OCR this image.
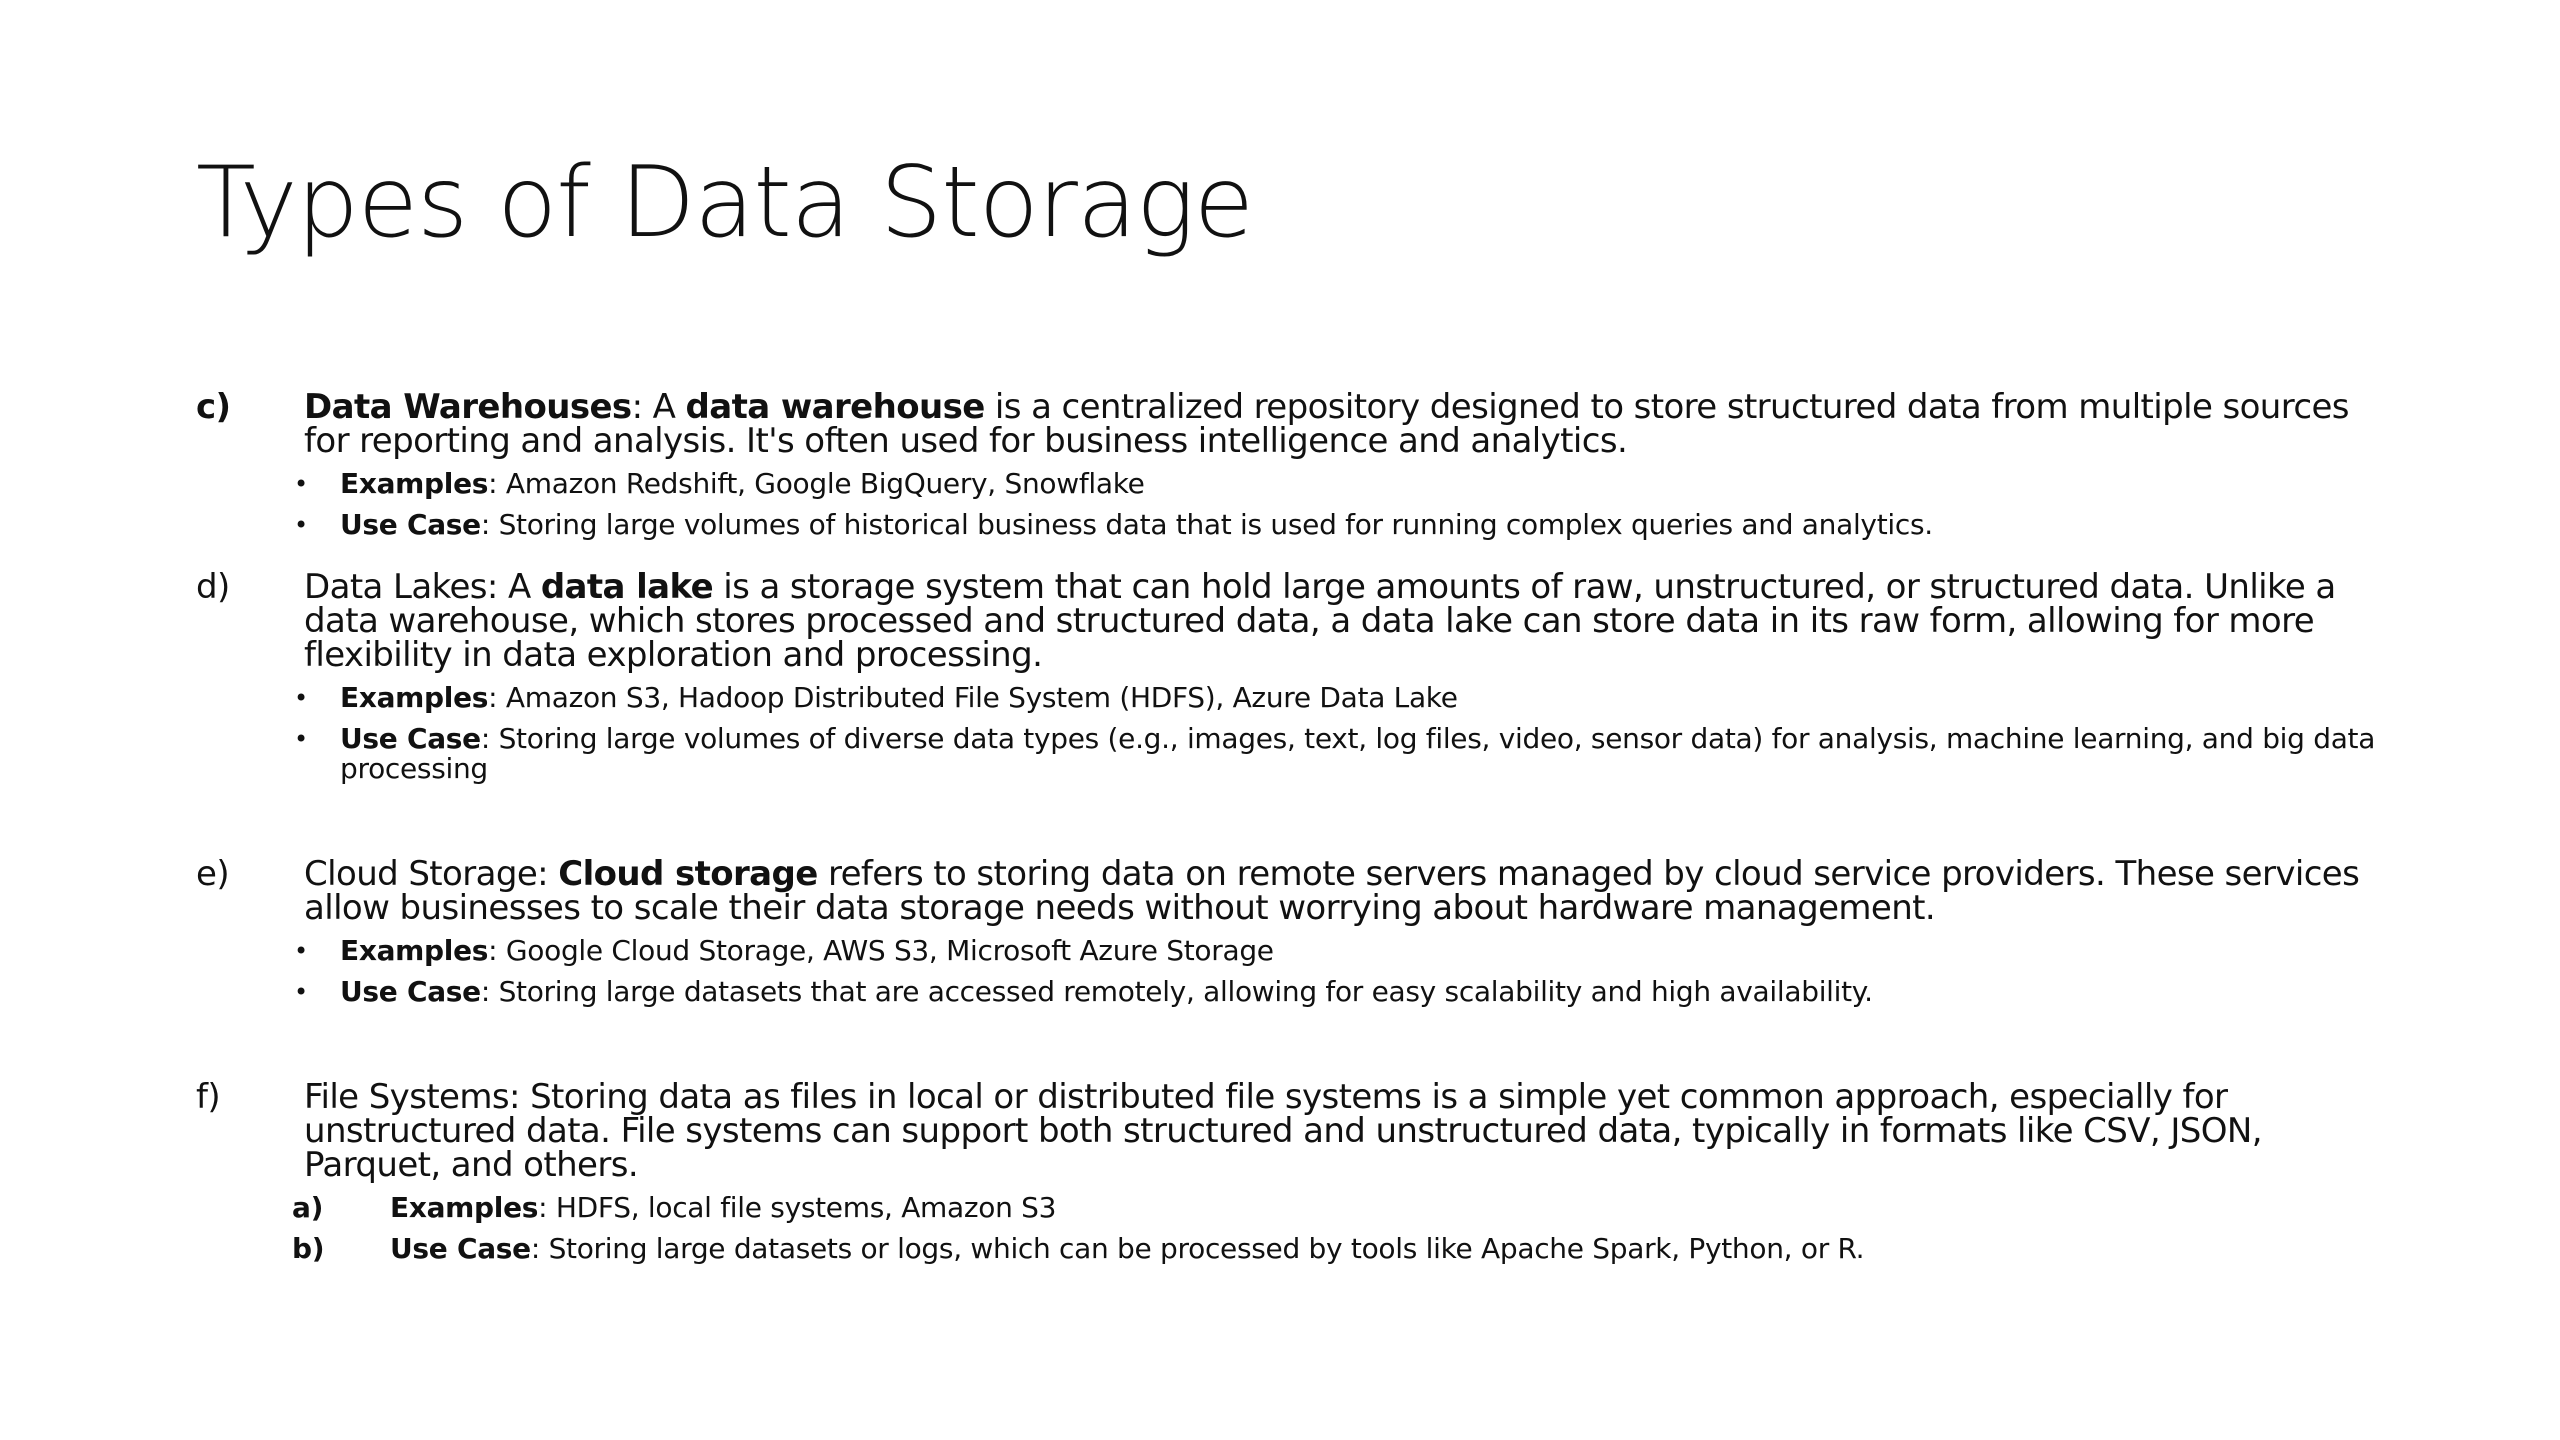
Types of Data Storage
c) Data Warehouses: A data warehouse is a centralized repository designed to store structured data from multiple sources for reporting and analysis. It's often used for business intelligence and analytics.
• Examples: Amazon Redshift, Google BigQuery, Snowflake
• Use Case: Storing large volumes of historical business data that is used for running complex queries and analytics.
d) Data Lakes: A data lake is a storage system that can hold large amounts of raw, unstructured, or structured data. Unlike a data warehouse, which stores processed and structured data, a data lake can store data in its raw form, allowing for more flexibility in data exploration and processing.
• Examples: Amazon S3, Hadoop Distributed File System (HDFS), Azure Data Lake
• Use Case: Storing large volumes of diverse data types (e.g., images, text, log files, video, sensor data) for analysis, machine learning, and big data processing
e) Cloud Storage: Cloud storage refers to storing data on remote servers managed by cloud service providers. These services allow businesses to scale their data storage needs without worrying about hardware management.
• Examples: Google Cloud Storage, AWS S3, Microsoft Azure Storage
• Use Case: Storing large datasets that are accessed remotely, allowing for easy scalability and high availability.
f) File Systems: Storing data as files in local or distributed file systems is a simple yet common approach, especially for unstructured data. File systems can support both structured and unstructured data, typically in formats like CSV, JSON, Parquet, and others.
a) Examples: HDFS, local file systems, Amazon S3
b) Use Case: Storing large datasets or logs, which can be processed by tools like Apache Spark, Python, or R.
